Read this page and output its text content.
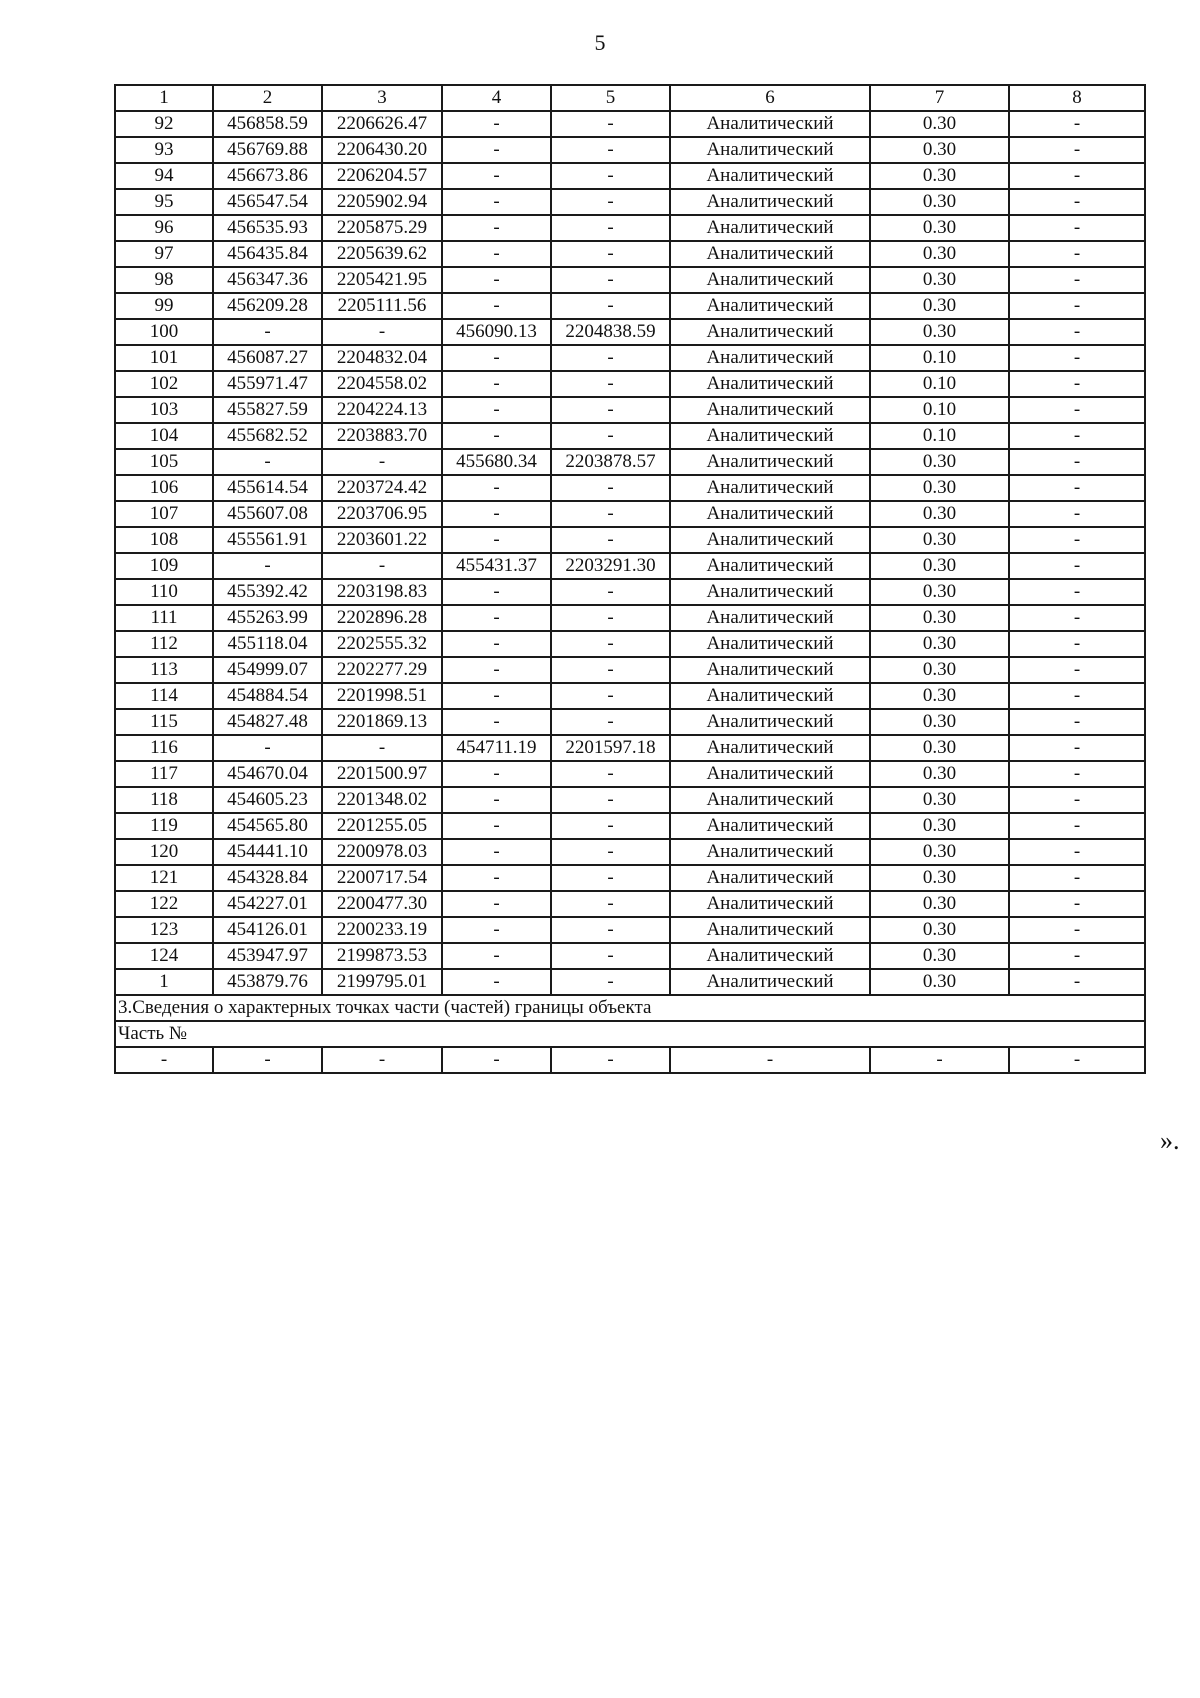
5
1	2	3	4	5	6	7	8
92	456858.59	2206626.47	-	-	Аналитический	0.30	-
93	456769.88	2206430.20	-	-	Аналитический	0.30	-
94	456673.86	2206204.57	-	-	Аналитический	0.30	-
95	456547.54	2205902.94	-	-	Аналитический	0.30	-
96	456535.93	2205875.29	-	-	Аналитический	0.30	-
97	456435.84	2205639.62	-	-	Аналитический	0.30	-
98	456347.36	2205421.95	-	-	Аналитический	0.30	-
99	456209.28	2205111.56	-	-	Аналитический	0.30	-
100	-	-	456090.13	2204838.59	Аналитический	0.30	-
101	456087.27	2204832.04	-	-	Аналитический	0.10	-
102	455971.47	2204558.02	-	-	Аналитический	0.10	-
103	455827.59	2204224.13	-	-	Аналитический	0.10	-
104	455682.52	2203883.70	-	-	Аналитический	0.10	-
105	-	-	455680.34	2203878.57	Аналитический	0.30	-
106	455614.54	2203724.42	-	-	Аналитический	0.30	-
107	455607.08	2203706.95	-	-	Аналитический	0.30	-
108	455561.91	2203601.22	-	-	Аналитический	0.30	-
109	-	-	455431.37	2203291.30	Аналитический	0.30	-
110	455392.42	2203198.83	-	-	Аналитический	0.30	-
111	455263.99	2202896.28	-	-	Аналитический	0.30	-
112	455118.04	2202555.32	-	-	Аналитический	0.30	-
113	454999.07	2202277.29	-	-	Аналитический	0.30	-
114	454884.54	2201998.51	-	-	Аналитический	0.30	-
115	454827.48	2201869.13	-	-	Аналитический	0.30	-
116	-	-	454711.19	2201597.18	Аналитический	0.30	-
117	454670.04	2201500.97	-	-	Аналитический	0.30	-
118	454605.23	2201348.02	-	-	Аналитический	0.30	-
119	454565.80	2201255.05	-	-	Аналитический	0.30	-
120	454441.10	2200978.03	-	-	Аналитический	0.30	-
121	454328.84	2200717.54	-	-	Аналитический	0.30	-
122	454227.01	2200477.30	-	-	Аналитический	0.30	-
123	454126.01	2200233.19	-	-	Аналитический	0.30	-
124	453947.97	2199873.53	-	-	Аналитический	0.30	-
1	453879.76	2199795.01	-	-	Аналитический	0.30	-
3.Сведения о характерных точках части (частей) границы объекта							
Часть №							
-	-	-	-	-	-	-	-
».
